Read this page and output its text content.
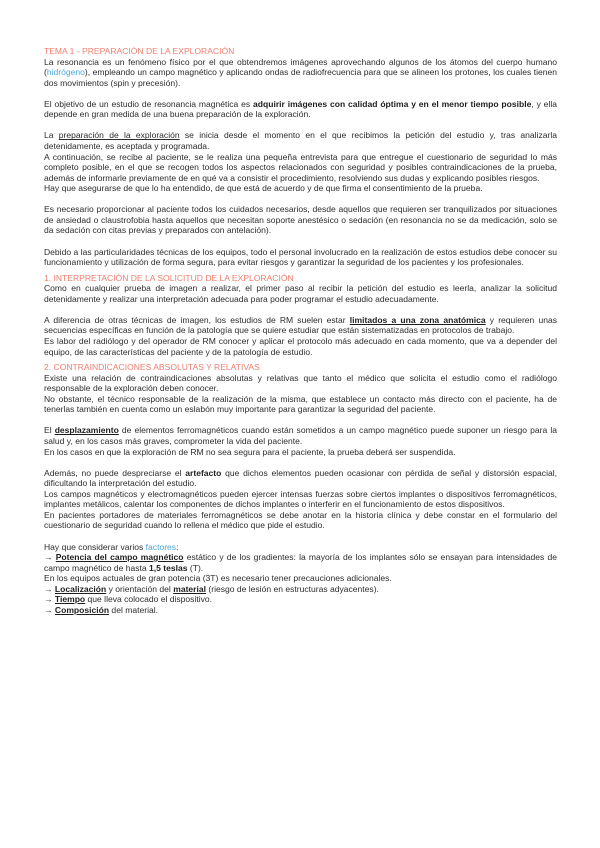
TEMA 1 - PREPARACIÓN DE LA EXPLORACIÓN

La resonancia es un fenómeno físico por el que obtendremos imágenes aprovechando algunos de los átomos del cuerpo humano (hidrógeno), empleando un campo magnético y aplicando ondas de radiofrecuencia para que se alineen los protones, los cuales tienen dos movimientos (spin y precesión).

El objetivo de un estudio de resonancia magnética es adquirir imágenes con calidad óptima y en el menor tiempo posible, y ella depende en gran medida de una buena preparación de la exploración.

La preparación de la exploración se inicia desde el momento en el que recibimos la petición del estudio y, tras analizarla detenidamente, es aceptada y programada.

A continuación, se recibe al paciente, se le realiza una pequeña entrevista para que entregue el cuestionario de seguridad lo más completo posible, en el que se recogen todos los aspectos relacionados con seguridad y posibles contraindicaciones de la prueba, además de informarle previamente de en qué va a consistir el procedimiento, resolviendo sus dudas y explicando posibles riesgos.

Hay que asegurarse de que lo ha entendido, de que está de acuerdo y de que firma el consentimiento de la prueba.

Es necesario proporcionar al paciente todos los cuidados necesarios, desde aquellos que requieren ser tranquilizados por situaciones de ansiedad o claustrofobia hasta aquellos que necesitan soporte anestésico o sedación (en resonancia no se da medicación, solo se da sedación con citas previas y preparados con antelación).

Debido a las particularidades técnicas de los equipos, todo el personal involucrado en la realización de estos estudios debe conocer su funcionamiento y utilización de forma segura, para evitar riesgos y garantizar la seguridad de los pacientes y los profesionales.

1. INTERPRETACIÓN DE LA SOLICITUD DE LA EXPLORACIÓN

Como en cualquier prueba de imagen a realizar, el primer paso al recibir la petición del estudio es leerla, analizar la solicitud detenidamente y realizar una interpretación adecuada para poder programar el estudio adecuadamente.

A diferencia de otras técnicas de imagen, los estudios de RM suelen estar limitados a una zona anatómica y requieren unas secuencias específicas en función de la patología que se quiere estudiar que están sistematizadas en protocolos de trabajo.

Es labor del radiólogo y del operador de RM conocer y aplicar el protocolo más adecuado en cada momento, que va a depender del equipo, de las características del paciente y de la patología de estudio.

2. CONTRAINDICACIONES ABSOLUTAS Y RELATIVAS

Existe una relación de contraindicaciones absolutas y relativas que tanto el médico que solicita el estudio como el radiólogo responsable de la exploración deben conocer.

No obstante, el técnico responsable de la realización de la misma, que establece un contacto más directo con el paciente, ha de tenerlas también en cuenta como un eslabón muy importante para garantizar la seguridad del paciente.

El desplazamiento de elementos ferromagnéticos cuando están sometidos a un campo magnético puede suponer un riesgo para la salud y, en los casos más graves, comprometer la vida del paciente.

En los casos en que la exploración de RM no sea segura para el paciente, la prueba deberá ser suspendida.

Además, no puede despreciarse el artefacto que dichos elementos pueden ocasionar con pérdida de señal y distorsión espacial, dificultando la interpretación del estudio.

Los campos magnéticos y electromagnéticos pueden ejercer intensas fuerzas sobre ciertos implantes o dispositivos ferromagnéticos, implantes metálicos, calentar los componentes de dichos implantes o interferir en el funcionamiento de estos dispositivos.

En pacientes portadores de materiales ferromagnéticos se debe anotar en la historia clínica y debe constar en el formulario del cuestionario de seguridad cuando lo rellena el médico que pide el estudio.

Hay que considerar varios factores:

→ Potencia del campo magnético estático y de los gradientes: la mayoría de los implantes sólo se ensayan para intensidades de campo magnético de hasta 1,5 teslas (T).

En los equipos actuales de gran potencia (3T) es necesario tener precauciones adicionales.

→ Localización y orientación del material (riesgo de lesión en estructuras adyacentes).

→ Tiempo que lleva colocado el dispositivo.

→ Composición del material.
